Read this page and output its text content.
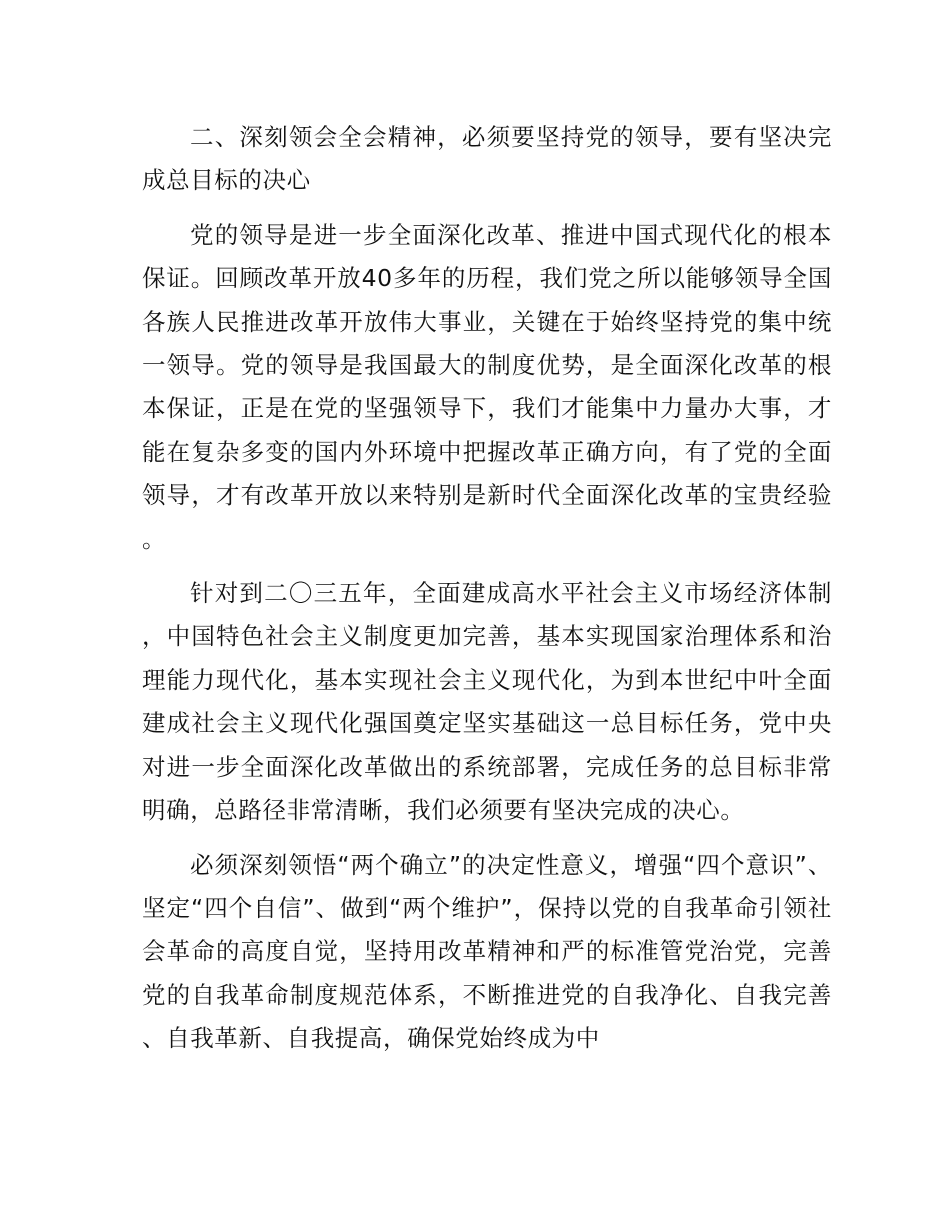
二、深刻领会全会精神，必须要坚持党的领导，要有坚决完成总目标的决心

党的领导是进一步全面深化改革、推进中国式现代化的根本保证。回顾改革开放40多年的历程，我们党之所以能够领导全国各族人民推进改革开放伟大事业，关键在于始终坚持党的集中统一领导。党的领导是我国最大的制度优势，是全面深化改革的根本保证，正是在党的坚强领导下，我们才能集中力量办大事，才能在复杂多变的国内外环境中把握改革正确方向，有了党的全面领导，才有改革开放以来特别是新时代全面深化改革的宝贵经验。

针对到二〇三五年，全面建成高水平社会主义市场经济体制，中国特色社会主义制度更加完善，基本实现国家治理体系和治理能力现代化，基本实现社会主义现代化，为到本世纪中叶全面建成社会主义现代化强国奠定坚实基础这一总目标任务，党中央对进一步全面深化改革做出的系统部署，完成任务的总目标非常明确，总路径非常清晰，我们必须要有坚决完成的决心。

必须深刻领悟“两个确立”的决定性意义，增强“四个意识”、坚定“四个自信”、做到“两个维护”，保持以党的自我革命引领社会革命的高度自觉，坚持用改革精神和严的标准管党治党，完善党的自我革命制度规范体系，不断推进党的自我净化、自我完善、自我革新、自我提高，确保党始终成为中
